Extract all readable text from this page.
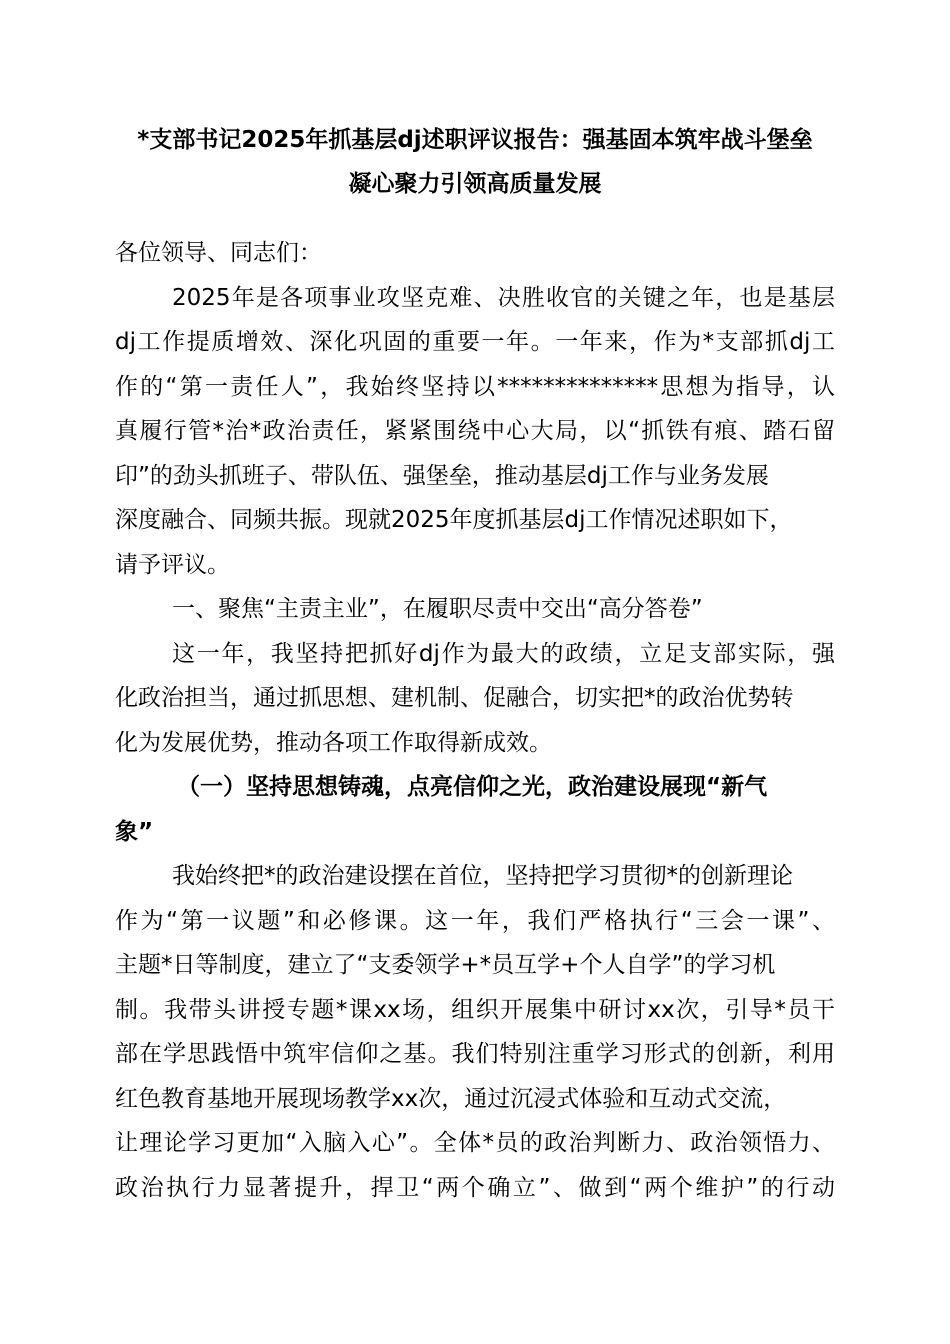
*支部书记2025年抓基层dj述职评议报告：强基固本筑牢战斗堡垒
凝心聚力引领高质量发展
各位领导、同志们：
2025年是各项事业攻坚克难、决胜收官的关键之年，也是基层
dj工作提质增效、深化巩固的重要一年。一年来，作为*支部抓dj工
作的“第一责任人”，我始终坚持以**************思想为指导，认
真履行管*治*政治责任，紧紧围绕中心大局，以“抓铁有痕、踏石留
印”的劲头抓班子、带队伍、强堡垒，推动基层dj工作与业务发展
深度融合、同频共振。现就2025年度抓基层dj工作情况述职如下，
请予评议。
一、聚焦“主责主业”，在履职尽责中交出“高分答卷”
这一年，我坚持把抓好dj作为最大的政绩，立足支部实际，强
化政治担当，通过抓思想、建机制、促融合，切实把*的政治优势转
化为发展优势，推动各项工作取得新成效。
（一）坚持思想铸魂，点亮信仰之光，政治建设展现“新气
象”
我始终把*的政治建设摆在首位，坚持把学习贯彻*的创新理论
作为“第一议题”和必修课。这一年，我们严格执行“三会一课”、
主题*日等制度，建立了“支委领学+*员互学+个人自学”的学习机
制。我带头讲授专题*课xx场，组织开展集中研讨xx次，引导*员干
部在学思践悟中筑牢信仰之基。我们特别注重学习形式的创新，利用
红色教育基地开展现场教学xx次，通过沉浸式体验和互动式交流，
让理论学习更加“入脑入心”。全体*员的政治判断力、政治领悟力、
政治执行力显著提升，捍卫“两个确立”、做到“两个维护”的行动
